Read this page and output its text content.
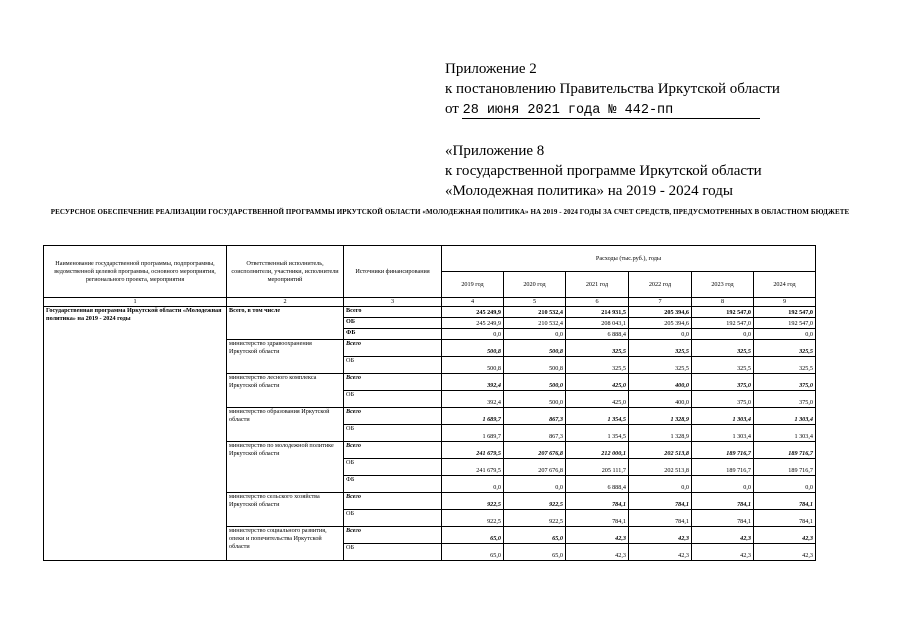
Приложение 2
к постановлению Правительства Иркутской области
от 28 июня 2021 года № 442-пп
«Приложение 8
к государственной программе Иркутской области
«Молодежная политика» на 2019 - 2024 годы
РЕСУРСНОЕ ОБЕСПЕЧЕНИЕ РЕАЛИЗАЦИИ ГОСУДАРСТВЕННОЙ ПРОГРАММЫ ИРКУТСКОЙ ОБЛАСТИ «МОЛОДЕЖНАЯ ПОЛИТИКА» НА 2019 - 2024 ГОДЫ ЗА СЧЕТ СРЕДСТВ, ПРЕДУСМОТРЕННЫХ В ОБЛАСТНОМ БЮДЖЕТЕ
Наименование государственной программы, подпрограммы, ведомственной целевой программы, основного мероприятия, регионального проекта, мероприятия	Ответственный исполнитель, соисполнители, участники, исполнители мероприятий	Источники финансирования	Расходы (тыс.руб.), годы					
			2019 год	2020 год	2021 год	2022 год	2023 год	2024 год
1	2	3	4	5	6	7	8	9
Государственная программа Иркутской области «Молодежная политика» на 2019 - 2024 годы	Всего, в том числе	Всего	245 249,9	210 532,4	214 931,5	205 394,6	192 547,0	192 547,0
		ОБ	245 249,9	210 532,4	208 043,1	205 394,6	192 547,0	192 547,0
		ФБ	0,0	0,0	6 888,4	0,0	0,0	0,0
	министерство здравоохранения Иркутской области	Всего	500,8	500,8	325,5	325,5	325,5	325,5
		ОБ	500,8	500,8	325,5	325,5	325,5	325,5
	министерство лесного комплекса Иркутской области	Всего	392,4	500,0	425,0	400,0	375,0	375,0
		ОБ	392,4	500,0	425,0	400,0	375,0	375,0
	министерство образования Иркутской области	Всего	1 689,7	867,3	1 354,5	1 328,9	1 303,4	1 303,4
		ОБ	1 689,7	867,3	1 354,5	1 328,9	1 303,4	1 303,4
	министерство по молодежной политике Иркутской области	Всего	241 679,5	207 676,8	212 000,1	202 513,8	189 716,7	189 716,7
		ОБ	241 679,5	207 676,8	205 111,7	202 513,8	189 716,7	189 716,7
		ФБ	0,0	0,0	6 888,4	0,0	0,0	0,0
	министерство сельского хозяйства Иркутской области	Всего	922,5	922,5	784,1	784,1	784,1	784,1
		ОБ	922,5	922,5	784,1	784,1	784,1	784,1
	министерство социального развития, опеки и попечительства Иркутской области	Всего	65,0	65,0	42,3	42,3	42,3	42,3
		ОБ	65,0	65,0	42,3	42,3	42,3	42,3
